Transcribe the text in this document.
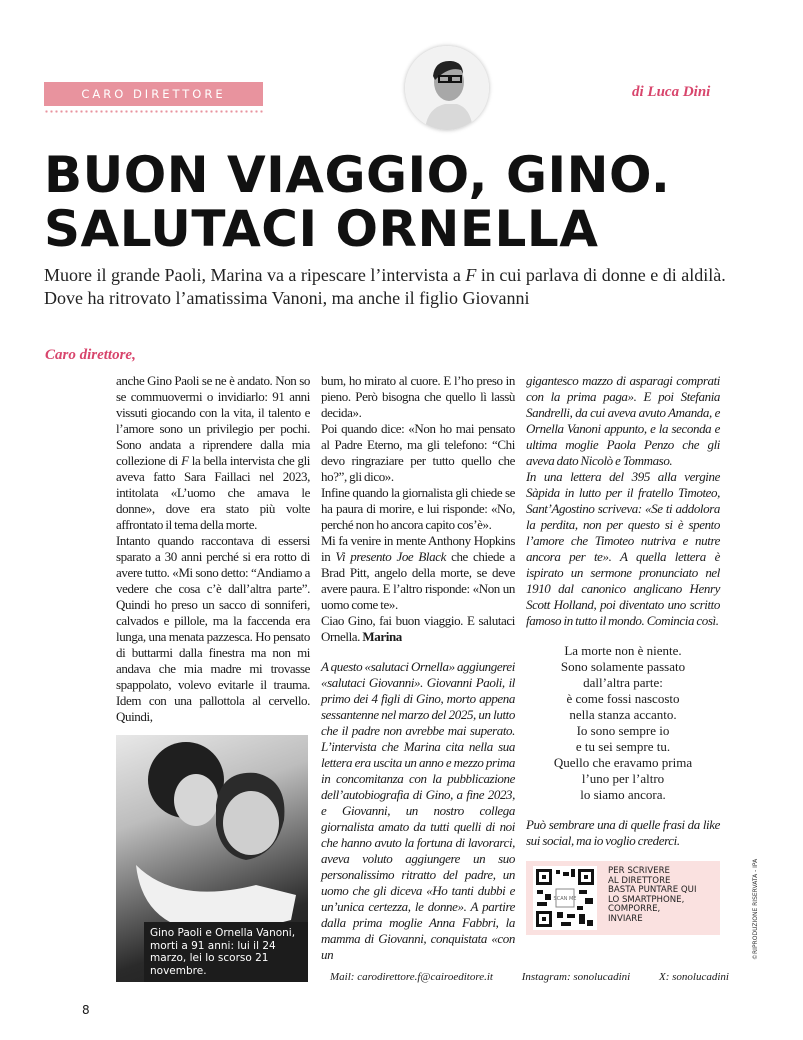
CARO DIRETTORE	di Luca Dini
BUON VIAGGIO, GINO.
SALUTACI ORNELLA

Muore il grande Paoli, Marina va a ripescare l’intervista a F in cui parlava di donne e di aldilà. Dove ha ritrovato l’amatissima Vanoni, ma anche il figlio Giovanni

Caro direttore,

anche Gino Paoli se ne è andato. Non so se commuovermi o invidiarlo: 91 anni vissuti giocando con la vita, il talento e l’amore sono un privilegio per pochi. Sono andata a riprendere dalla mia collezione di F la bella intervista che gli aveva fatto Sara Faillaci nel 2023, intitolata «L’uomo che amava le donne», dove era stato più volte affrontato il tema della morte.

Intanto quando raccontava di essersi sparato a 30 anni perché si era rotto di avere tutto. «Mi sono detto: “Andiamo a vedere che cosa c’è dall’altra parte”. Quindi ho preso un sacco di sonniferi, calvados e pillole, ma la faccenda era lunga, una menata pazzesca. Ho pensato di buttarmi dalla finestra ma non mi andava che mia madre mi trovasse spappolato, volevo evitarle il trauma. Idem con una pallottola al cervello. Quindi,

Gino Paoli e Ornella Vanoni, morti a 91 anni: lui il 24 marzo, lei lo scorso 21 novembre.

bum, ho mirato al cuore. E l’ho preso in pieno. Però bisogna che quello lì lassù decida».

Poi quando dice: «Non ho mai pensato al Padre Eterno, ma gli telefono: “Chi devo ringraziare per tutto quello che ho?”, gli dico».

Infine quando la giornalista gli chiede se ha paura di morire, e lui risponde: «No, perché non ho ancora capito cos’è».

Mi fa venire in mente Anthony Hopkins in Vi presento Joe Black che chiede a Brad Pitt, angelo della morte, se deve avere paura. E l’altro risponde: «Non un uomo come te».

Ciao Gino, fai buon viaggio. E salutaci Ornella. Marina

A questo «salutaci Ornella» aggiungerei «salutaci Giovanni». Giovanni Paoli, il primo dei 4 figli di Gino, morto appena sessantenne nel marzo del 2025, un lutto che il padre non avrebbe mai superato. L’intervista che Marina cita nella sua lettera era uscita un anno e mezzo prima in concomitanza con la pubblicazione dell’autobiografia di Gino, a fine 2023, e Giovanni, un nostro collega giornalista amato da tutti quelli di noi che hanno avuto la fortuna di lavorarci, aveva voluto aggiungere un suo personalissimo ritratto del padre, un uomo che gli diceva «Ho tanti dubbi e un’unica certezza, le donne». A partire dalla prima moglie Anna Fabbri, la mamma di Giovanni, conquistata «con un

Mail: carodirettore.f@cairoeditore.it	Instagram: sonolucadini	X: sonolucadini

gigantesco mazzo di asparagi comprati con la prima paga». E poi Stefania Sandrelli, da cui aveva avuto Amanda, e Ornella Vanoni appunto, e la seconda e ultima moglie Paola Penzo che gli aveva dato Nicolò e Tommaso.

In una lettera del 395 alla vergine Sàpida in lutto per il fratello Timoteo, Sant’Agostino scriveva: «Se ti addolora la perdita, non per questo si è spento l’amore che Timoteo nutriva e nutre ancora per te». A quella lettera è ispirato un sermone pronunciato nel 1910 dal canonico anglicano Henry Scott Holland, poi diventato uno scritto famoso in tutto il mondo. Comincia così.

La morte non è niente.
Sono solamente passato
dall’altra parte:
è come fossi nascosto
nella stanza accanto.
Io sono sempre io
e tu sei sempre tu.
Quello che eravamo prima
l’uno per l’altro
lo siamo ancora.

Può sembrare una di quelle frasi da like sui social, ma io voglio crederci.

SCAN ME
PER SCRIVERE
AL DIRETTORE
BASTA PUNTARE QUI
LO SMARTPHONE,
COMPORRE,
INVIARE	©RIPRODUZIONE RISERVATA - IPA
8
